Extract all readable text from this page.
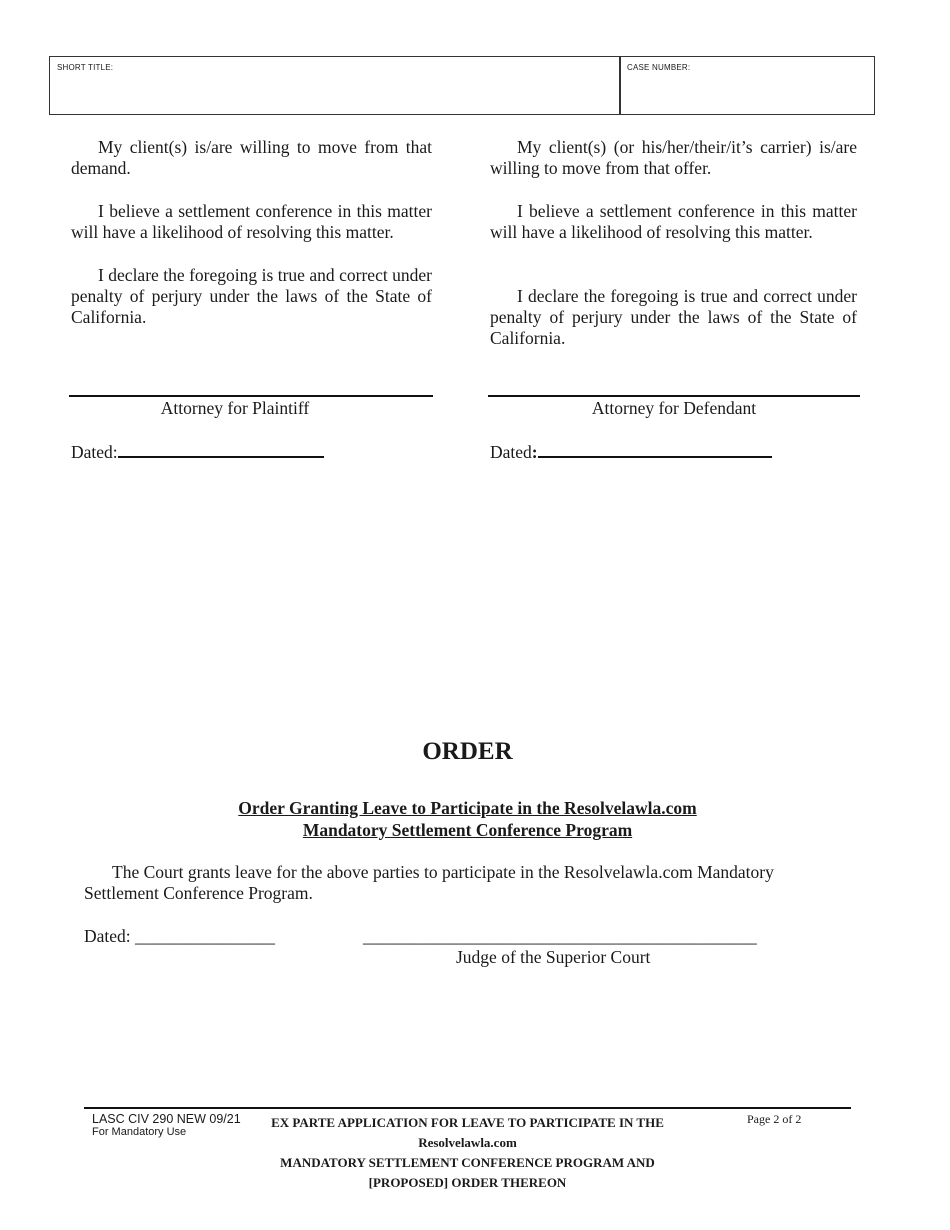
SHORT TITLE:	CASE NUMBER:

My client(s) is/are willing to move from that demand.

I believe a settlement conference in this matter will have a likelihood of resolving this matter.

I declare the foregoing is true and correct under penalty of perjury under the laws of the State of California.

Attorney for Plaintiff
Dated:

My client(s) (or his/her/their/it’s carrier) is/are willing to move from that offer.

I believe a settlement conference in this matter will have a likelihood of resolving this matter.

I declare the foregoing is true and correct under penalty of perjury under the laws of the State of California.

Attorney for Defendant
Dated:
ORDER
Order Granting Leave to Participate in the Resolvelawla.com
Mandatory Settlement Conference Program

The Court grants leave for the above parties to participate in the Resolvelawla.com Mandatory Settlement Conference Program.

Dated: ________________	_____________________________________________
Judge of the Superior Court
LASC CIV 290 NEW 09/21
For Mandatory Use
EX PARTE APPLICATION FOR LEAVE TO PARTICIPATE IN THE
Resolvelawla.com
MANDATORY SETTLEMENT CONFERENCE PROGRAM AND
[PROPOSED] ORDER THEREON
Page 2 of 2
